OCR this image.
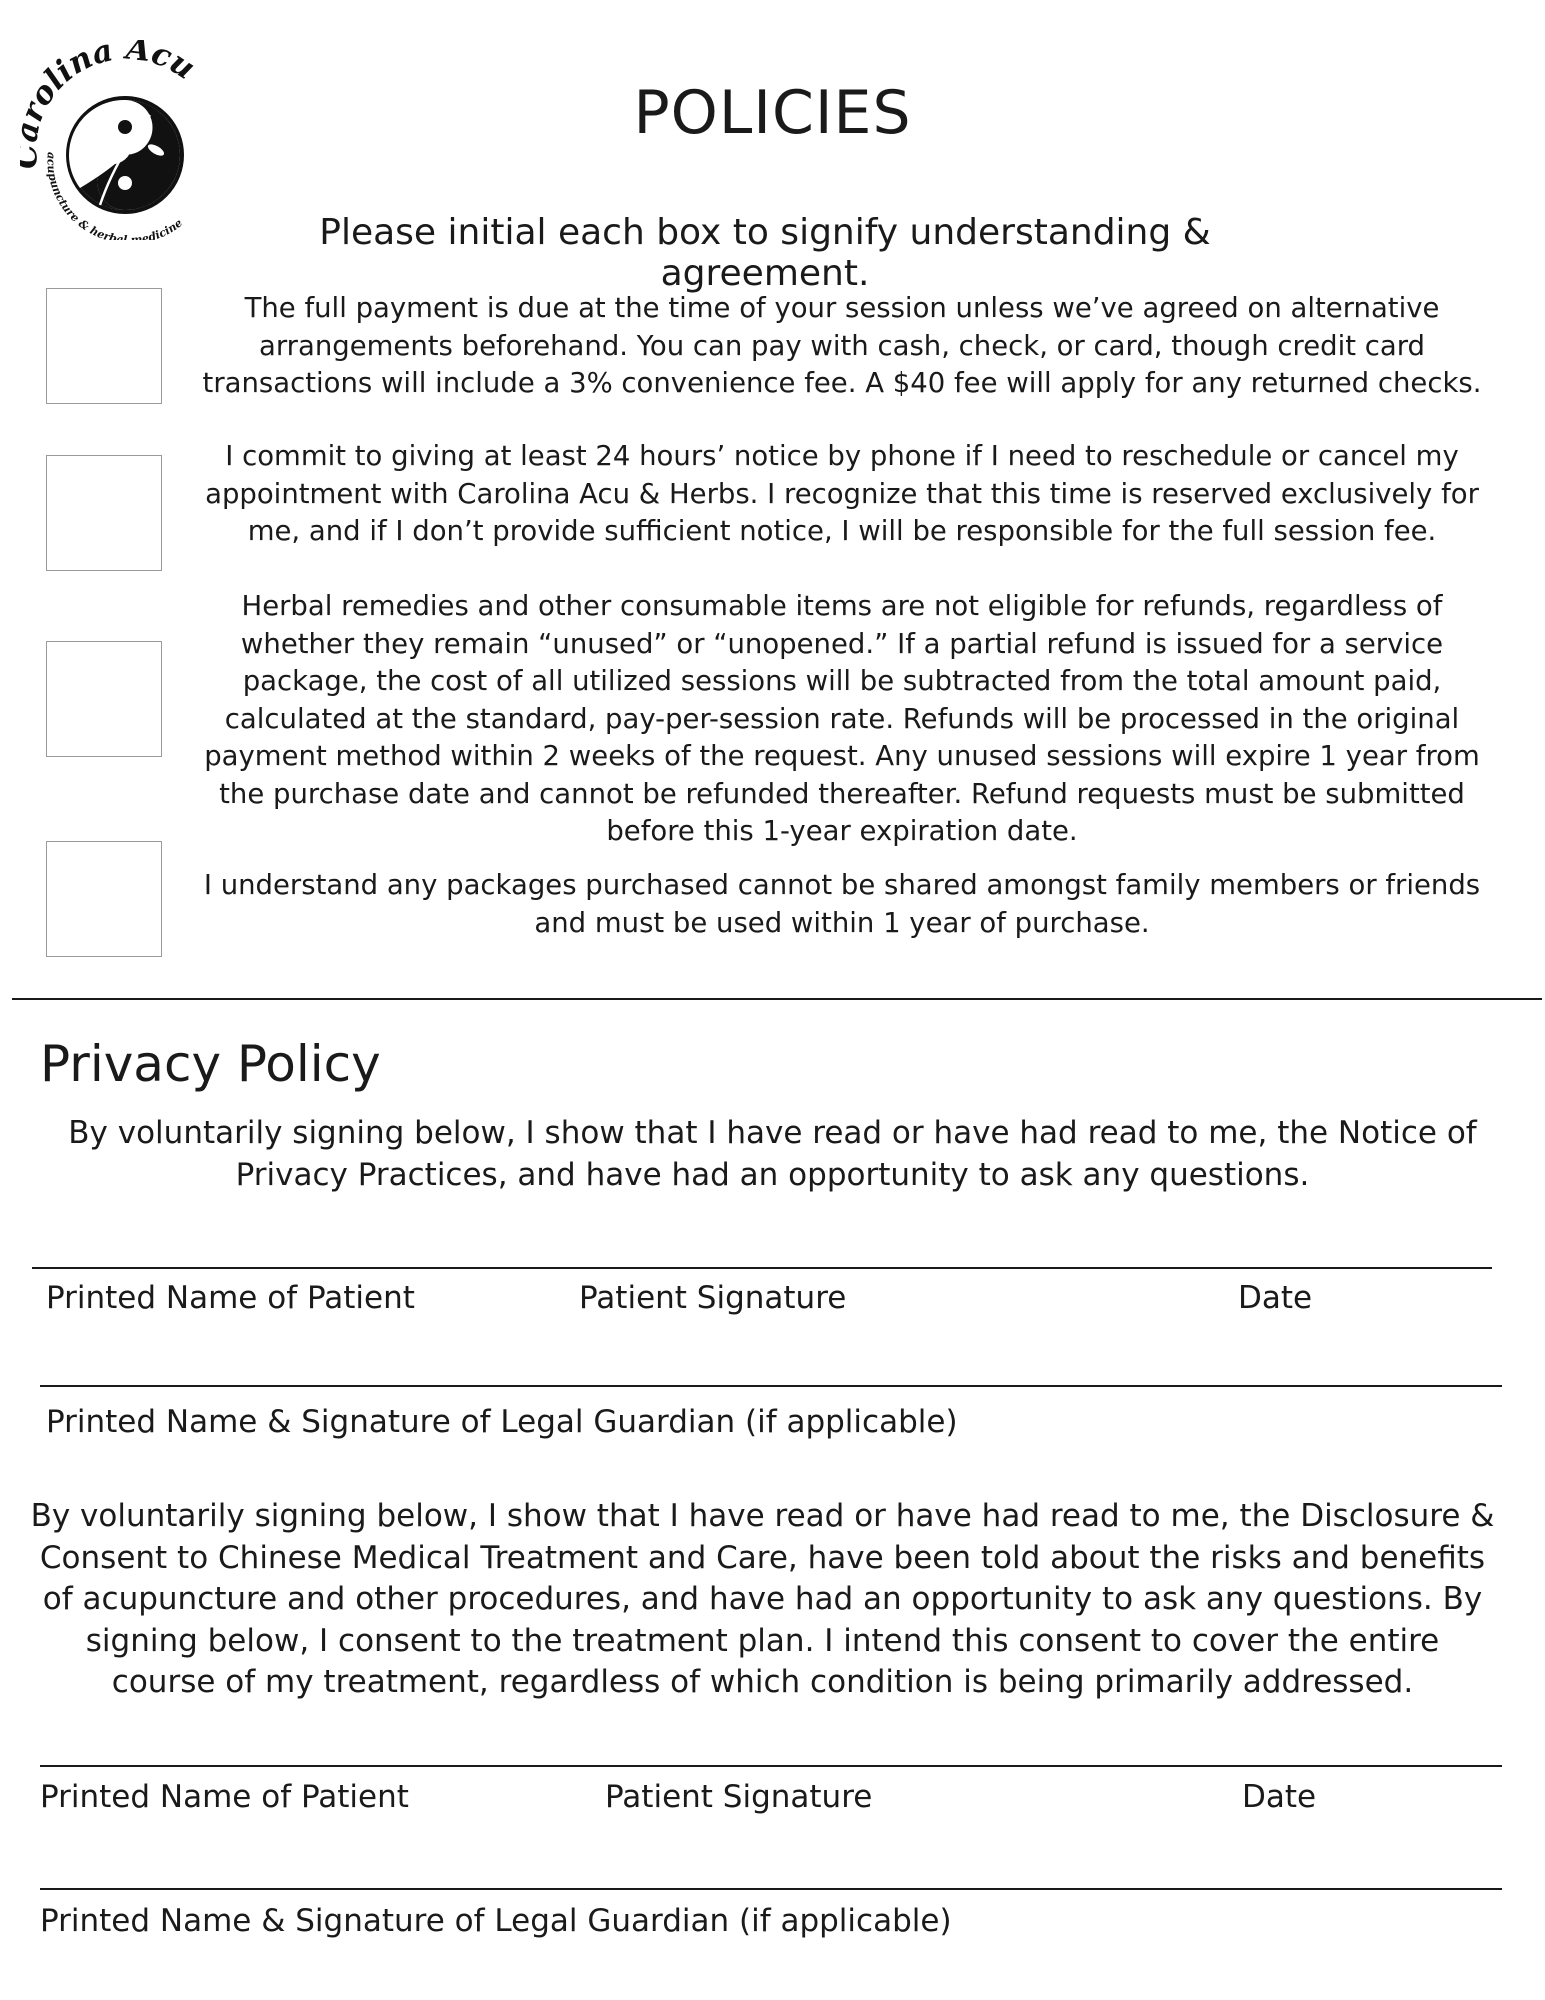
olina Acu
acupuncture & herbal medicine
POLICIES

Please initial each box to signify understanding & agreement.

The full payment is due at the time of your session unless we’ve agreed on alternative arrangements beforehand. You can pay with cash, check, or card, though credit card transactions will include a 3% convenience fee. A $40 fee will apply for any returned checks.

I commit to giving at least 24 hours’ notice by phone if I need to reschedule or cancel my appointment with Carolina Acu & Herbs. I recognize that this time is reserved exclusively for me, and if I don’t provide sufficient notice, I will be responsible for the full session fee.

Herbal remedies and other consumable items are not eligible for refunds, regardless of whether they remain “unused” or “unopened.” If a partial refund is issued for a service package, the cost of all utilized sessions will be subtracted from the total amount paid, calculated at the standard, pay-per-session rate. Refunds will be processed in the original payment method within 2 weeks of the request. Any unused sessions will expire 1 year from the purchase date and cannot be refunded thereafter. Refund requests must be submitted before this 1-year expiration date.

I understand any packages purchased cannot be shared amongst family members or friends and must be used within 1 year of purchase.

Privacy Policy

By voluntarily signing below, I show that I have read or have had read to me, the Notice of Privacy Practices, and have had an opportunity to ask any questions.

Printed Name of Patient	Patient Signature	Date

Printed Name & Signature of Legal Guardian (if applicable)

By voluntarily signing below, I show that I have read or have had read to me, the Disclosure & Consent to Chinese Medical Treatment and Care, have been told about the risks and benefits of acupuncture and other procedures, and have had an opportunity to ask any questions. By signing below, I consent to the treatment plan. I intend this consent to cover the entire course of my treatment, regardless of which condition is being primarily addressed.

Printed Name of Patient	Patient Signature	Date

Printed Name & Signature of Legal Guardian (if applicable)
